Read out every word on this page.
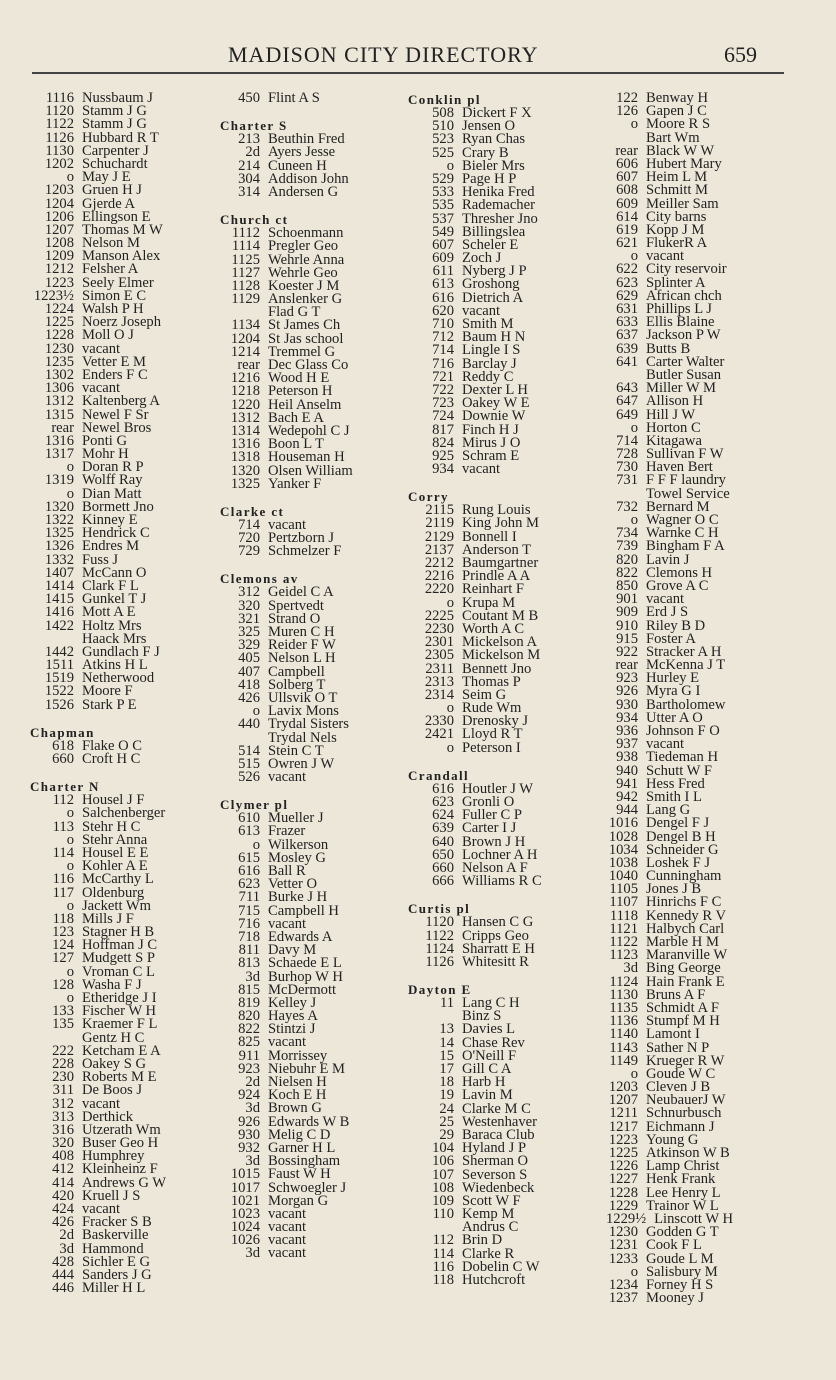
MADISON CITY DIRECTORY	659
1116 Nussbaum J
1120 Stamm J G
1122 Stamm J G
1126 Hubbard R T
1130 Carpenter J
1202 Schuchardt
o May J E
1203 Gruen H J
1204 Gjerde A
1206 Ellingson E
1207 Thomas M W
1208 Nelson M
1209 Manson Alex
1212 Felsher A
1223 Seely Elmer
1223½ Simon E C
1224 Walsh P H
1225 Noerz Joseph
1228 Moll O J
1230 vacant
1235 Vetter E M
1302 Enders F C
1306 vacant
1312 Kaltenberg A
1315 Newel F Sr
rear Newel Bros
1316 Ponti G
1317 Mohr H
o Doran R P
1319 Wolff Ray
o Dian Matt
1320 Bormett Jno
1322 Kinney E
1325 Hendrick C
1326 Endres M
1332 Fuss J
1407 McCann O
1414 Clark F L
1415 Gunkel T J
1416 Mott A E
1422 Holtz Mrs
Haack Mrs
1442 Gundlach F J
1511 Atkins H L
1519 Netherwood
1522 Moore F
1526 Stark P E
Chapman
618 Flake O C
660 Croft H C
Charter N
112 Housel J F
o Salchenberger
113 Stehr H C
o Stehr Anna
114 Housel E E
o Kohler A E
116 McCarthy L
117 Oldenburg
o Jackett Wm
118 Mills J F
123 Stagner H B
124 Hoffman J C
127 Mudgett S P
o Vroman C L
128 Washa F J
o Etheridge J I
133 Fischer W H
135 Kraemer F L
Gentz H C
222 Ketcham E A
228 Oakey S G
230 Roberts M E
311 De Boos J
312 vacant
313 Derthick
316 Utzerath Wm
320 Buser Geo H
408 Humphrey
412 Kleinheinz F
414 Andrews G W
420 Kruell J S
424 vacant
426 Fracker S B
2d Baskerville
3d Hammond
428 Sichler E G
444 Sanders J G
446 Miller H L
450 Flint A S
Charter S
213 Beuthin Fred
2d Ayers Jesse
214 Cuneen H
304 Addison John
314 Andersen G
Church ct
1112 Schoenmann
1114 Pregler Geo
1125 Wehrle Anna
1127 Wehrle Geo
1128 Koester J M
1129 Anslenker G
Flad G T
1134 St James Ch
1204 St Jas school
1214 Tremmel G
rear Dec Glass Co
1216 Wood H E
1218 Peterson H
1220 Heil Anselm
1312 Bach E A
1314 Wedepohl C J
1316 Boon L T
1318 Houseman H
1320 Olsen William
1325 Yanker F
Clarke ct
714 vacant
720 Pertzborn J
729 Schmelzer F
Clemons av
312 Geidel C A
320 Spertvedt
321 Strand O
325 Muren C H
329 Reider F W
405 Nelson L H
407 Campbell
418 Solberg T
426 Ullsvik O T
o Lavix Mons
440 Trydal Sisters
Trydal Nels
514 Stein C T
515 Owren J W
526 vacant
Clymer pl
610 Mueller J
613 Frazer
o Wilkerson
615 Mosley G
616 Ball R
623 Vetter O
711 Burke J H
715 Campbell H
716 vacant
718 Edwards A
811 Davy M
813 Schaede E L
3d Burhop W H
815 McDermott
819 Kelley J
820 Hayes A
822 Stintzi J
825 vacant
911 Morrissey
923 Niebuhr E M
2d Nielsen H
924 Koch E H
3d Brown G
926 Edwards W B
930 Melig C D
932 Garner H L
3d Bossingham
1015 Faust W H
1017 Schwoegler J
1021 Morgan G
1023 vacant
1024 vacant
1026 vacant
3d vacant
Conklin pl
508 Dickert F X
510 Jensen O
523 Ryan Chas
525 Crary B
o Bieler Mrs
529 Page H P
533 Henika Fred
535 Rademacher
537 Thresher Jno
549 Billingslea
607 Scheler E
609 Zoch J
611 Nyberg J P
613 Groshong
616 Dietrich A
620 vacant
710 Smith M
712 Baum H N
714 Lingle I S
716 Barclay J
721 Reddy C
722 Dexter L H
723 Oakey W E
724 Downie W
817 Finch H J
824 Mirus J O
925 Schram E
934 vacant
Corry
2115 Rung Louis
2119 King John M
2129 Bonnell I
2137 Anderson T
2212 Baumgartner
2216 Prindle A A
2220 Reinhart F
o Krupa M
2225 Coutant M B
2230 Worth A C
2301 Mickelson A
2305 Mickelson M
2311 Bennett Jno
2313 Thomas P
2314 Seim G
o Rude Wm
2330 Drenosky J
2421 Lloyd R T
o Peterson I
Crandall
616 Houtler J W
623 Gronli O
624 Fuller C P
639 Carter I J
640 Brown J H
650 Lochner A H
660 Nelson A F
666 Williams R C
Curtis pl
1120 Hansen C G
1122 Cripps Geo
1124 Sharratt E H
1126 Whitesitt R
Dayton E
11 Lang C H
Binz S
13 Davies L
14 Chase Rev
15 O'Neill F
17 Gill C A
18 Harb H
19 Lavin M
24 Clarke M C
25 Westenhaver
29 Baraca Club
104 Hyland J P
106 Sherman O
107 Severson S
108 Wiedenbeck
109 Scott W F
110 Kemp M
Andrus C
112 Brin D
114 Clarke R
116 Dobelin C W
118 Hutchcroft
122 Benway H
126 Gapen J C
o Moore R S
Bart Wm
rear Black W W
606 Hubert Mary
607 Heim L M
608 Schmitt M
609 Meiller Sam
614 City barns
619 Kopp J M
621 FlukerR A
o vacant
622 City reservoir
623 Splinter A
629 African chch
631 Phillips L J
633 Ellis Blaine
637 Jackson P W
639 Butts B
641 Carter Walter
Butler Susan
643 Miller W M
647 Allison H
649 Hill J W
o Horton C
714 Kitagawa
728 Sullivan F W
730 Haven Bert
731 F F F laundry
Towel Service
732 Bernard M
o Wagner O C
734 Warnke C H
739 Bingham F A
820 Lavin J
822 Clemons H
850 Grove A C
901 vacant
909 Erd J S
910 Riley B D
915 Foster A
922 Stracker A H
rear McKenna J T
923 Hurley E
926 Myra G I
930 Bartholomew
934 Utter A O
936 Johnson F O
937 vacant
938 Tiedeman H
940 Schutt W F
941 Hess Fred
942 Smith I L
944 Lang G
1016 Dengel F J
1028 Dengel B H
1034 Schneider G
1038 Loshek F J
1040 Cunningham
1105 Jones J B
1107 Hinrichs F C
1118 Kennedy R V
1121 Halbych Carl
1122 Marble H M
1123 Maranville W
3d Bing George
1124 Hain Frank E
1130 Bruns A F
1135 Schmidt A F
1136 Stumpf M H
1140 Lamont I
1143 Sather N P
1149 Krueger R W
o Goude W C
1203 Cleven J B
1207 NeubauerJ W
1211 Schnurbusch
1217 Eichmann J
1223 Young G
1225 Atkinson W B
1226 Lamp Christ
1227 Henk Frank
1228 Lee Henry L
1229 Trainor W L
1229½ Linscott W H
1230 Godden G T
1231 Cook F L
1233 Goude L M
o Salisbury M
1234 Forney H S
1237 Mooney J
